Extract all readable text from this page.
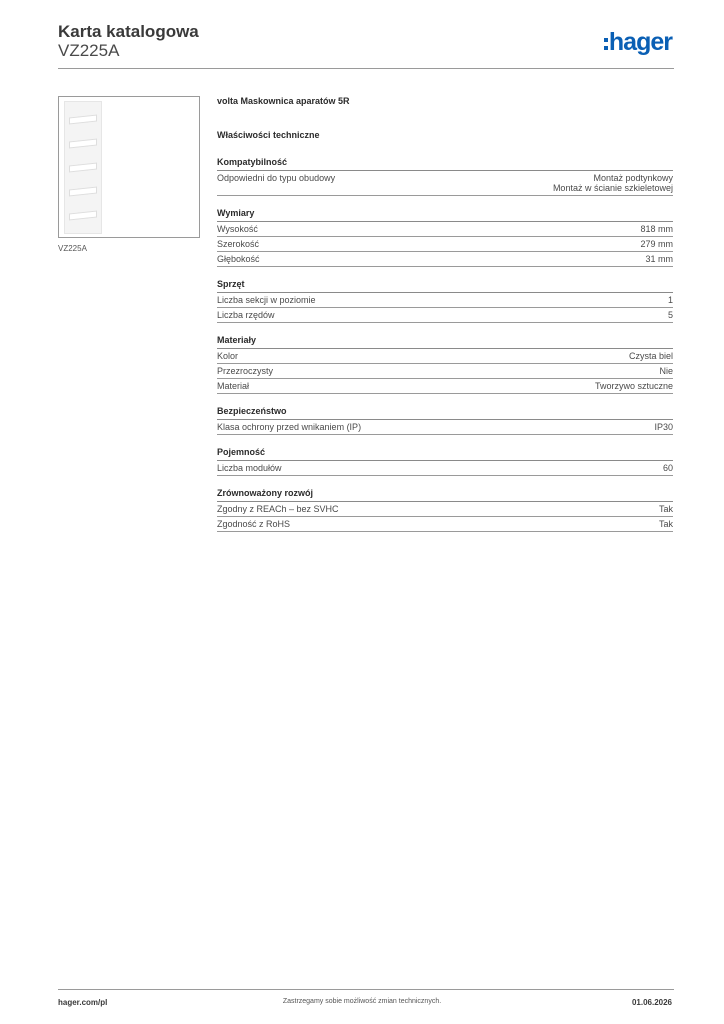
Karta katalogowa
VZ225A	hager
VZ225A
volta Maskownica aparatów 5R
Właściwości techniczne
Kompatybilność
Odpowiedni do typu obudowy	Montaż podtynkowy
Montaż w ścianie szkieletowej
Wymiary
Wysokość	818 mm
Szerokość	279 mm
Głębokość	31 mm
Sprzęt
Liczba sekcji w poziomie	1
Liczba rzędów	5
Materiały
Kolor	Czysta biel
Przezroczysty	Nie
Materiał	Tworzywo sztuczne
Bezpieczeństwo
Klasa ochrony przed wnikaniem (IP)	IP30
Pojemność
Liczba modułów	60
Zrównoważony rozwój
Zgodny z REACh – bez SVHC	Tak
Zgodność z RoHS	Tak
hager.com/pl	Zastrzegamy sobie możliwość zmian technicznych.	01.06.2026
